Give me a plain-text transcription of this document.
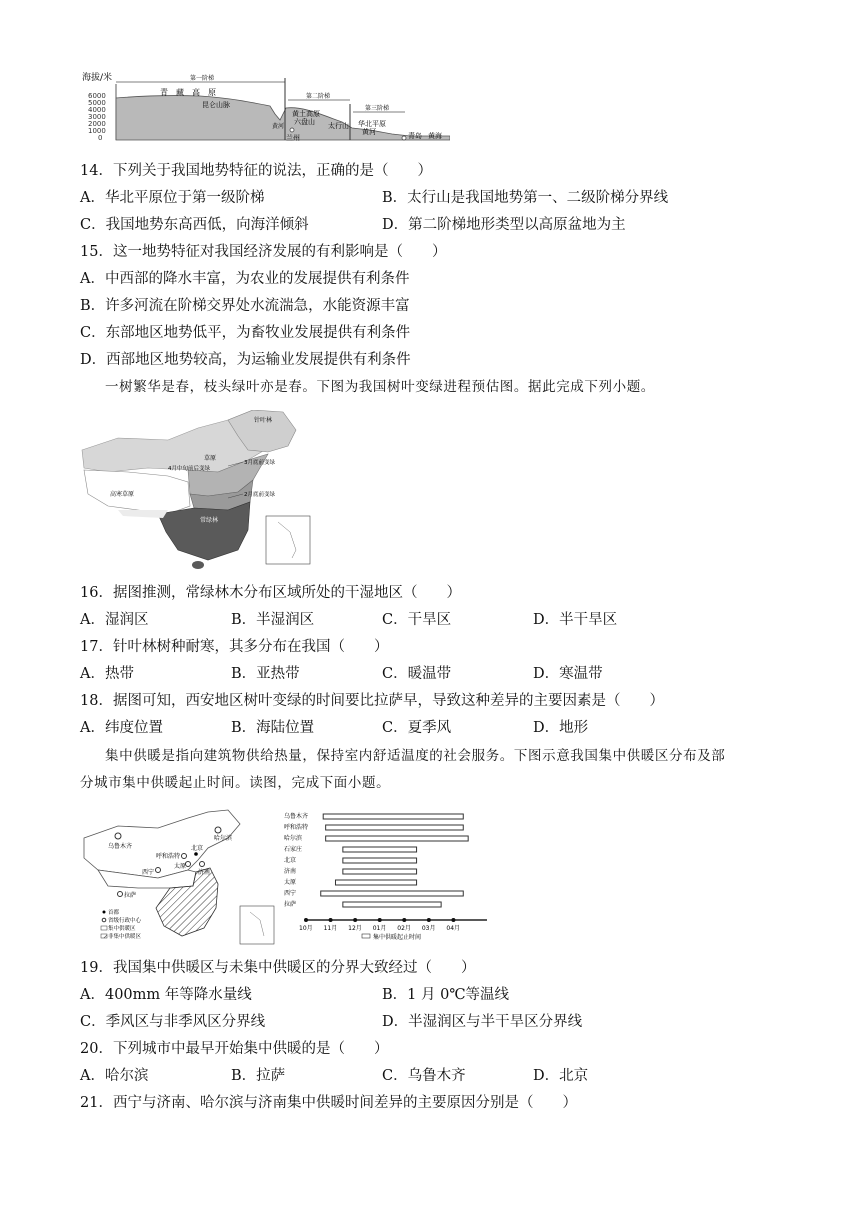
海拔/米
6000
5000
4000
3000
2000
1000
0
第一阶梯
第二阶梯
第三阶梯
青　藏　高　原
昆仑山脉
黄土高原
六盘山
黄河
兰州
太行山 华北平原
黄河	青岛 黄海
14．下列关于我国地势特征的说法，正确的是（　　）
A．华北平原位于第一级阶梯	B．太行山是我国地势第一、二级阶梯分界线
C．我国地势东高西低，向海洋倾斜	D．第二阶梯地形类型以高原盆地为主
15．这一地势特征对我国经济发展的有利影响是（　　）
A．中西部的降水丰富，为农业的发展提供有利条件
B．许多河流在阶梯交界处水流湍急，水能资源丰富
C．东部地区地势低平，为畜牧业发展提供有利条件
D．西部地区地势较高，为运输业发展提供有利条件
一树繁华是春，枝头绿叶亦是春。下图为我国树叶变绿进程预估图。据此完成下列小题。
针叶林
草原
高寒草原
4月中旬前后变绿
3月底前变绿
2月底前变绿
常绿林
16．据图推测，常绿林木分布区域所处的干湿地区（　　）
A．湿润区	B．半湿润区	C．干旱区	D．半干旱区
17．针叶林树种耐寒，其多分布在我国（　　）
A．热带	B．亚热带	C．暖温带	D．寒温带
18．据图可知，西安地区树叶变绿的时间要比拉萨早，导致这种差异的主要因素是（　　）
A．纬度位置	B．海陆位置	C．夏季风	D．地形
集中供暖是指向建筑物供给热量，保持室内舒适温度的社会服务。下图示意我国集中供暖区分布及部
分城市集中供暖起止时间。读图，完成下面小题。
乌鲁木齐
哈尔滨
呼和浩特
北京
太原
济南
西宁
拉萨
首都
省级行政中心
集中供暖区
非集中供暖区
乌鲁木齐
呼和浩特
哈尔滨
石家庄
北京
济南
太原
西宁
拉萨
10月 11月 12月 01月 02月 03月 04月
集中供暖起止时间
19．我国集中供暖区与未集中供暖区的分界大致经过（　　）
A．400mm 年等降水量线	B．1 月 0℃等温线
C．季风区与非季风区分界线	D．半湿润区与半干旱区分界线
20．下列城市中最早开始集中供暖的是（　　）
A．哈尔滨	B．拉萨	C．乌鲁木齐	D．北京
21．西宁与济南、哈尔滨与济南集中供暖时间差异的主要原因分别是（　　）
